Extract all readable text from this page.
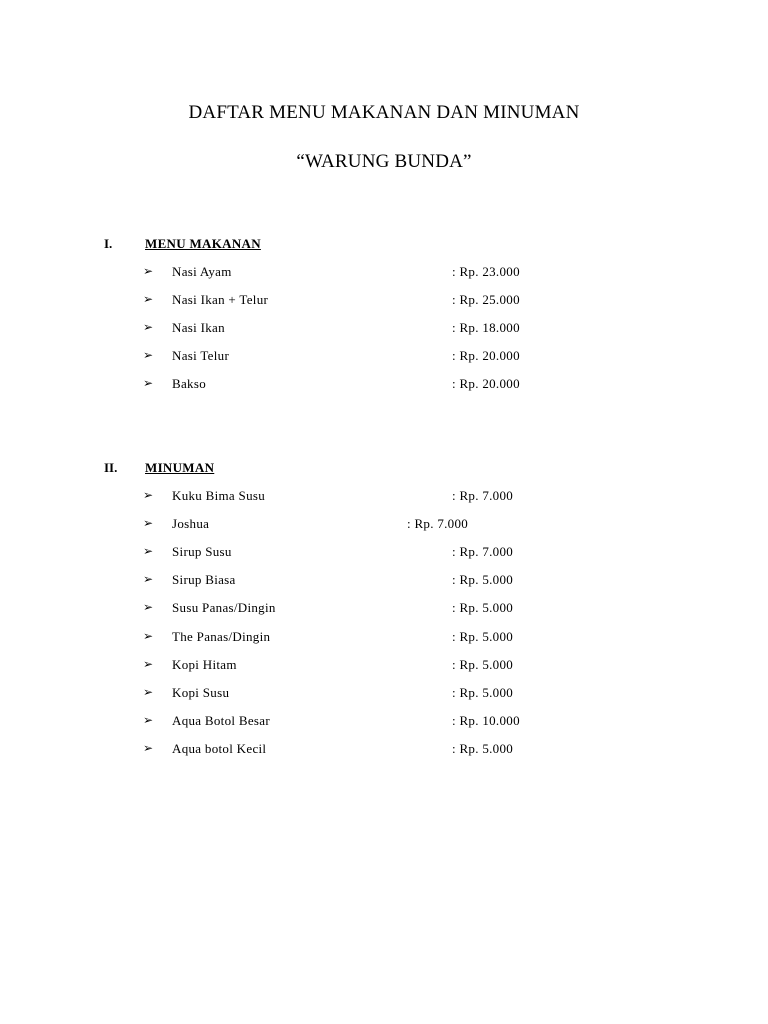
DAFTAR MENU MAKANAN DAN MINUMAN
“WARUNG BUNDA”
I.	MENU MAKANAN
➢ Nasi Ayam	: Rp. 23.000
➢ Nasi Ikan + Telur	: Rp. 25.000
➢ Nasi Ikan	: Rp. 18.000
➢ Nasi Telur	: Rp. 20.000
➢ Bakso	: Rp. 20.000
II. MINUMAN
➢ Kuku Bima Susu	: Rp. 7.000
➢ Joshua	: Rp. 7.000
➢ Sirup Susu	: Rp. 7.000
➢ Sirup Biasa	: Rp. 5.000
➢ Susu Panas/Dingin	: Rp. 5.000
➢ The Panas/Dingin	: Rp. 5.000
➢ Kopi Hitam	: Rp. 5.000
➢ Kopi Susu	: Rp. 5.000
➢ Aqua Botol Besar	: Rp. 10.000
➢ Aqua botol Kecil	: Rp. 5.000
